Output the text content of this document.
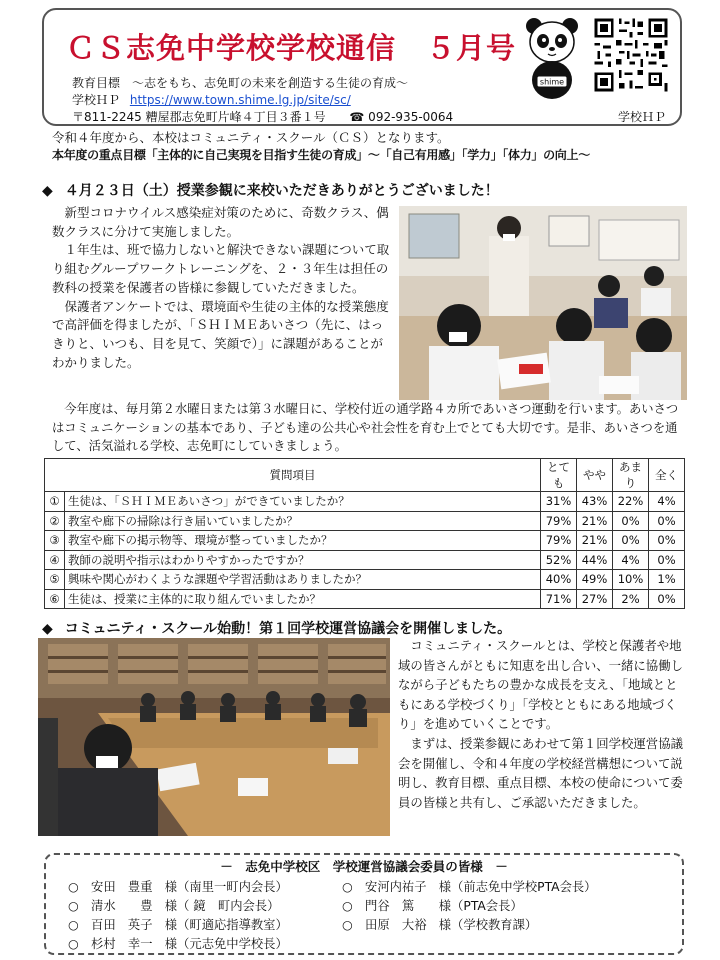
ＣＳ志免中学校学校通信　５月号
教育目標　～志をもち、志免町の未来を創造する生徒の育成～
学校ＨＰ https://www.town.shime.lg.jp/site/sc/
〒811-2245 糟屋郡志免町片峰４丁目３番１号 ☎ 092-935-0064	学校ＨＰ
shime
令和４年度から、本校はコミュニティ・スクール（ＣＳ）となります。
本年度の重点目標「主体的に自己実現を目指す生徒の育成」～「自己有用感」「学力」「体力」の向上～
◆ ４月２３日（土）授業参観に来校いただきありがとうございました！

新型コロナウイルス感染症対策のために、奇数クラス、偶数クラスに分けて実施しました。

１年生は、班で協力しないと解決できない課題について取り組むグループワークトレーニングを、２・３年生は担任の教科の授業を保護者の皆様に参観していただきました。

保護者アンケートでは、環境面や生徒の主体的な授業態度で高評価を得ましたが、「ＳＨＩＭＥあいさつ（先に、はっきりと、いつも、目を見て、笑顔で）」に課題があることがわかりました。

今年度は、毎月第２水曜日または第３水曜日に、学校付近の通学路４カ所であいさつ運動を行います。あいさつはコミュニケーションの基本であり、子ども達の公共心や社会性を育む上でとても大切です。是非、あいさつを通して、活気溢れる学校、志免町にしていきましょう。

質問項目		とても	やや	あまり	全く
①	生徒は、「ＳＨＩＭＥあいさつ」ができていましたか？	31%	43%	22%	4%
②	教室や廊下の掃除は行き届いていましたか？	79%	21%	0%	0%
③	教室や廊下の掲示物等、環境が整っていましたか？	79%	21%	0%	0%
④	教師の説明や指示はわかりやすかったですか？	52%	44%	4%	0%
⑤	興味や関心がわくような課題や学習活動はありましたか？	40%	49%	10%	1%
⑥	生徒は、授業に主体的に取り組んでいましたか？	71%	27%	2%	0%
◆ コミュニティ・スクール始動！第１回学校運営協議会を開催しました。

コミュニティ・スクールとは、学校と保護者や地域の皆さんがともに知恵を出し合い、一緒に協働しながら子どもたちの豊かな成長を支え、「地域とともにある学校づくり」「学校とともにある地域づくり」を進めていくことです。

まずは、授業参観にあわせて第１回学校運営協議会を開催し、令和４年度の学校経営構想について説明し、教育目標、重点目標、本校の使命について委員の皆様と共有し、ご承認いただきました。

－　志免中学校区　学校運営協議会委員の皆様　－
○　安田　豊重　様（南里一町内会長）	○　安河内祐子　様（前志免中学校PTA会長）
○　清水　　豊　様（ 鏡　町内会長）	○　門谷　篤　　様（PTA会長）
○　百田　英子　様（町適応指導教室）	○　田原　大裕　様（学校教育課）
○　杉村　幸一　様（元志免中学校長）
